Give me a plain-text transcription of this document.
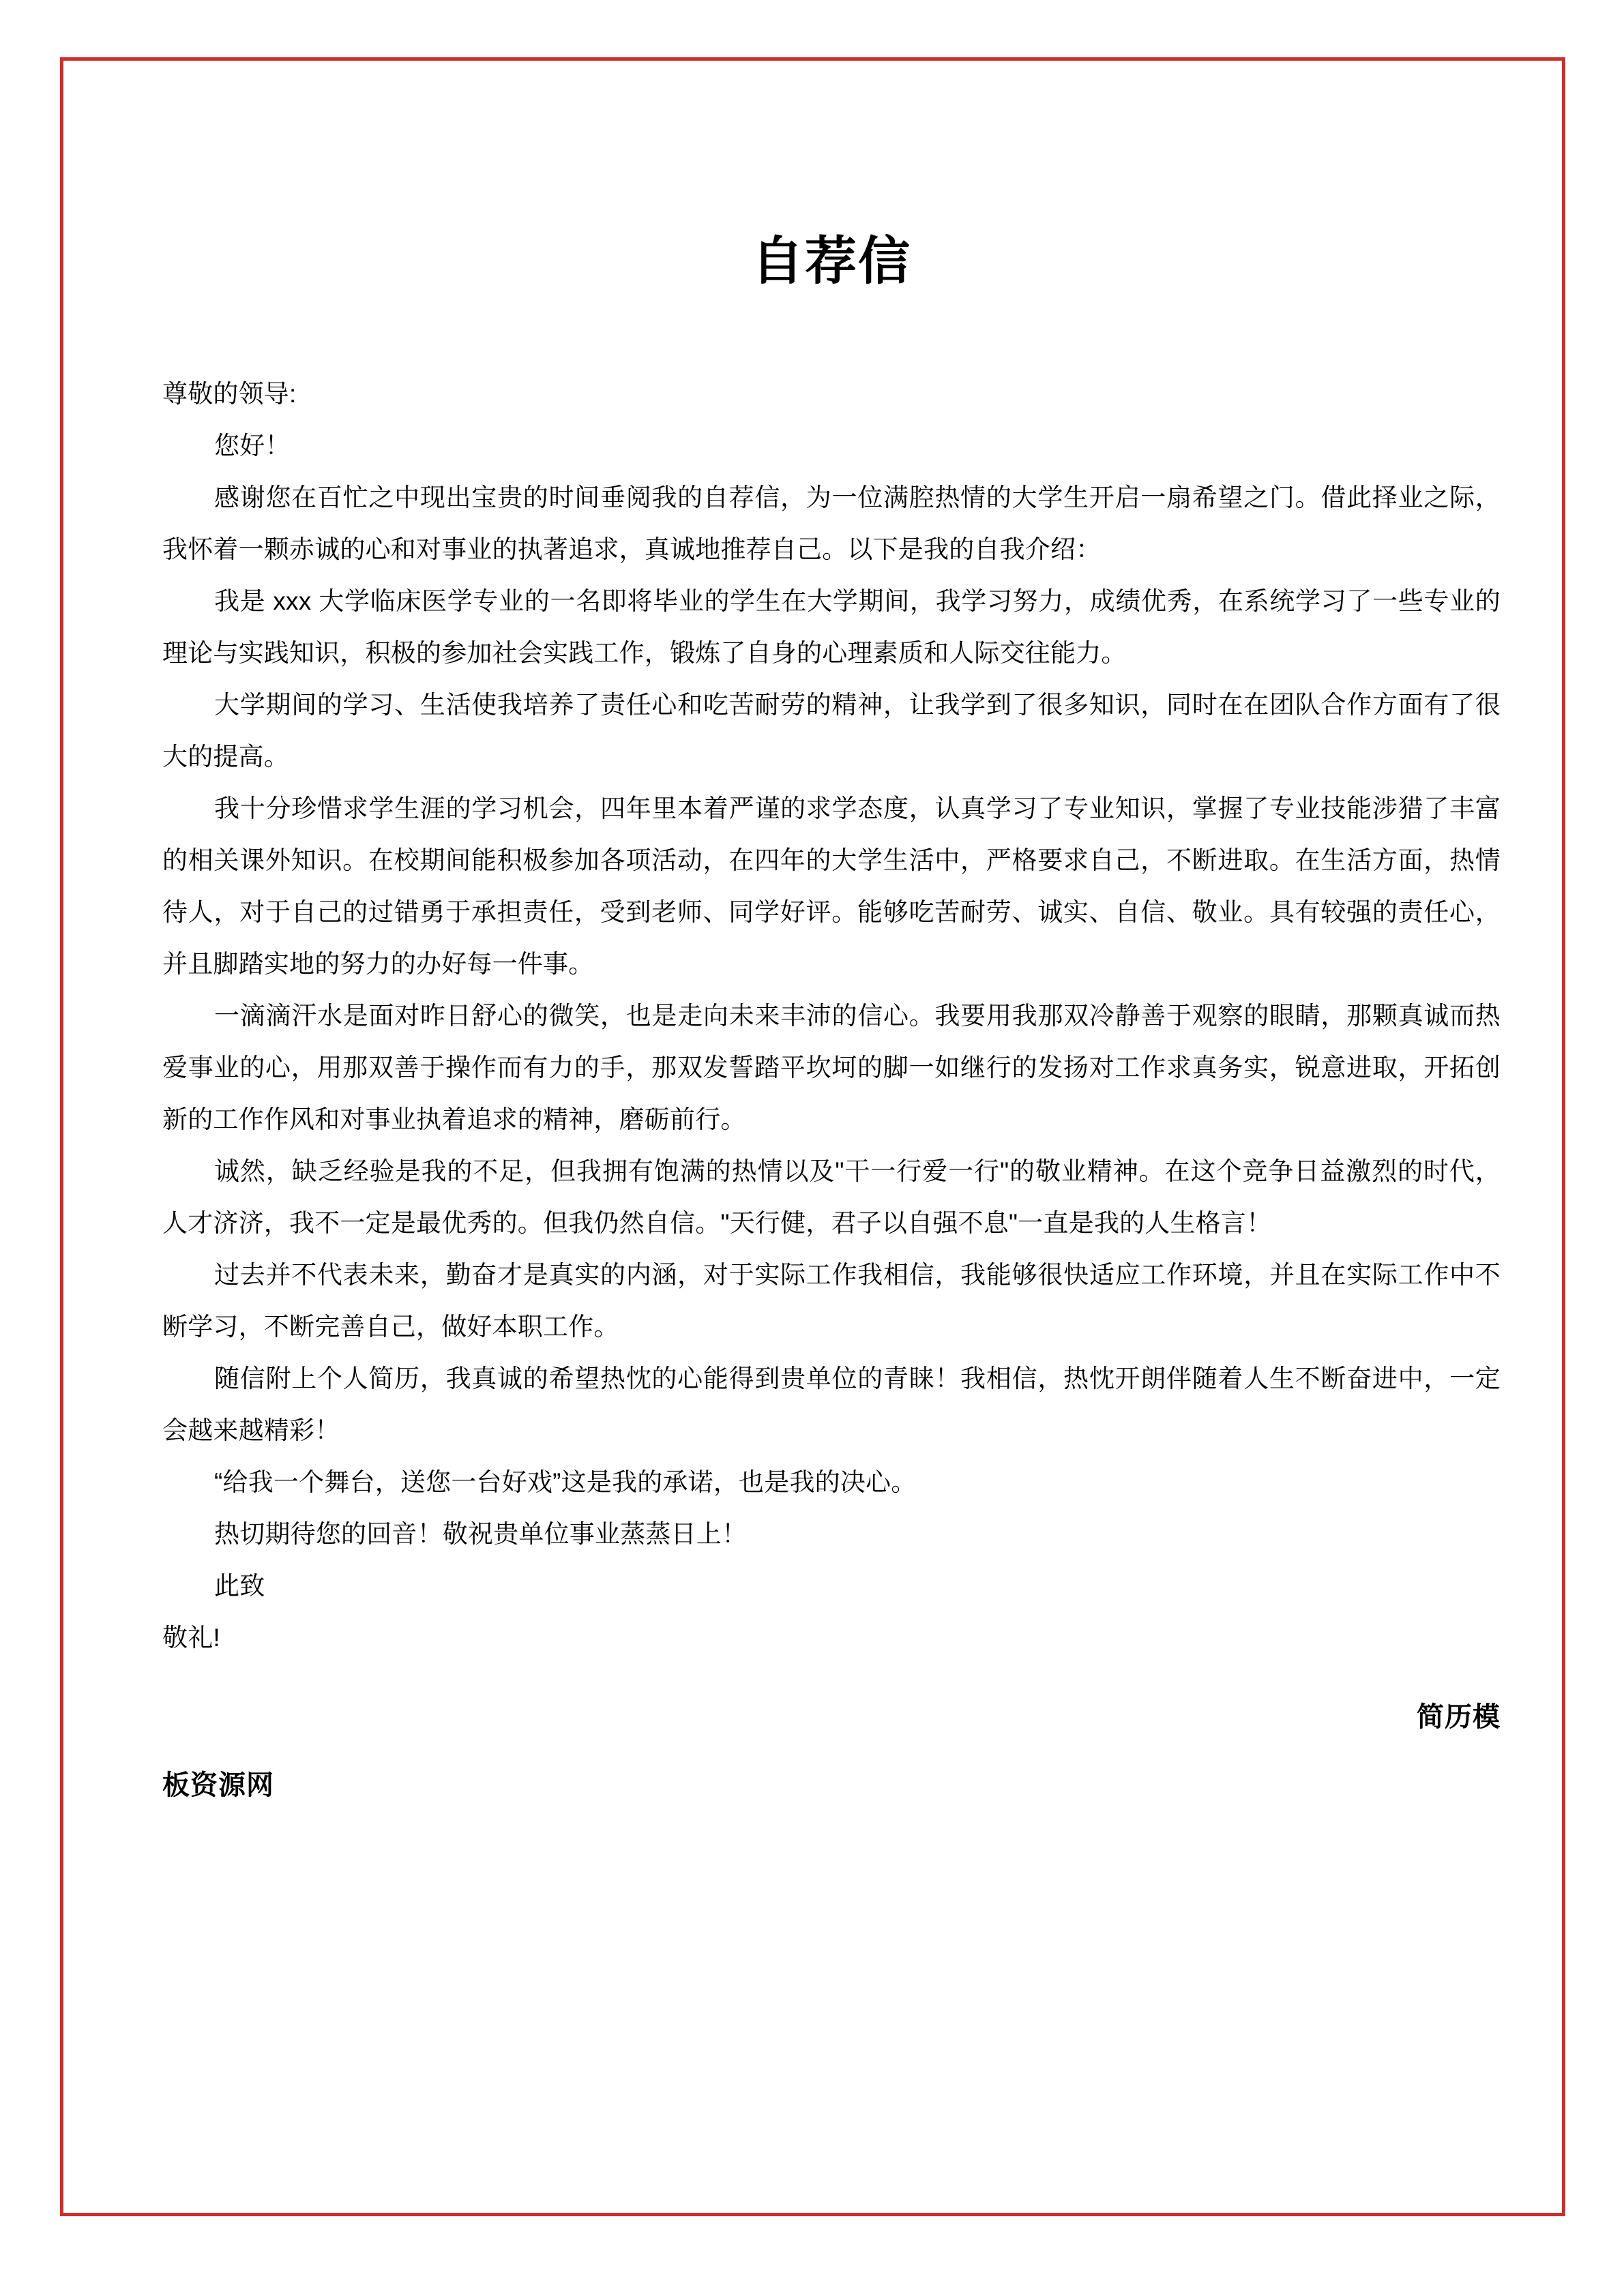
自荐信

尊敬的领导:

您好！

感谢您在百忙之中现出宝贵的时间垂阅我的自荐信，为一位满腔热情的大学生开启一扇希望之门。借此择业之际，我怀着一颗赤诚的心和对事业的执著追求，真诚地推荐自己。以下是我的自我介绍：

我是 xxx 大学临床医学专业的一名即将毕业的学生在大学期间，我学习努力，成绩优秀，在系统学习了一些专业的理论与实践知识，积极的参加社会实践工作，锻炼了自身的心理素质和人际交往能力。

大学期间的学习、生活使我培养了责任心和吃苦耐劳的精神，让我学到了很多知识，同时在在团队合作方面有了很大的提高。

我十分珍惜求学生涯的学习机会，四年里本着严谨的求学态度，认真学习了专业知识，掌握了专业技能涉猎了丰富的相关课外知识。在校期间能积极参加各项活动，在四年的大学生活中，严格要求自己，不断进取。在生活方面，热情待人，对于自己的过错勇于承担责任，受到老师、同学好评。能够吃苦耐劳、诚实、自信、敬业。具有较强的责任心，并且脚踏实地的努力的办好每一件事。

一滴滴汗水是面对昨日舒心的微笑，也是走向未来丰沛的信心。我要用我那双冷静善于观察的眼睛，那颗真诚而热爱事业的心，用那双善于操作而有力的手，那双发誓踏平坎坷的脚一如继行的发扬对工作求真务实，锐意进取，开拓创新的工作作风和对事业执着追求的精神，磨砺前行。

诚然，缺乏经验是我的不足，但我拥有饱满的热情以及"干一行爱一行"的敬业精神。在这个竞争日益激烈的时代，人才济济，我不一定是最优秀的。但我仍然自信。"天行健，君子以自强不息"一直是我的人生格言！

过去并不代表未来，勤奋才是真实的内涵，对于实际工作我相信，我能够很快适应工作环境，并且在实际工作中不断学习，不断完善自己，做好本职工作。

随信附上个人简历，我真诚的希望热忱的心能得到贵单位的青睐！我相信，热忱开朗伴随着人生不断奋进中，一定会越来越精彩！

“给我一个舞台，送您一台好戏”这是我的承诺，也是我的决心。

热切期待您的回音！敬祝贵单位事业蒸蒸日上！

此致

敬礼!

简历模

板资源网
